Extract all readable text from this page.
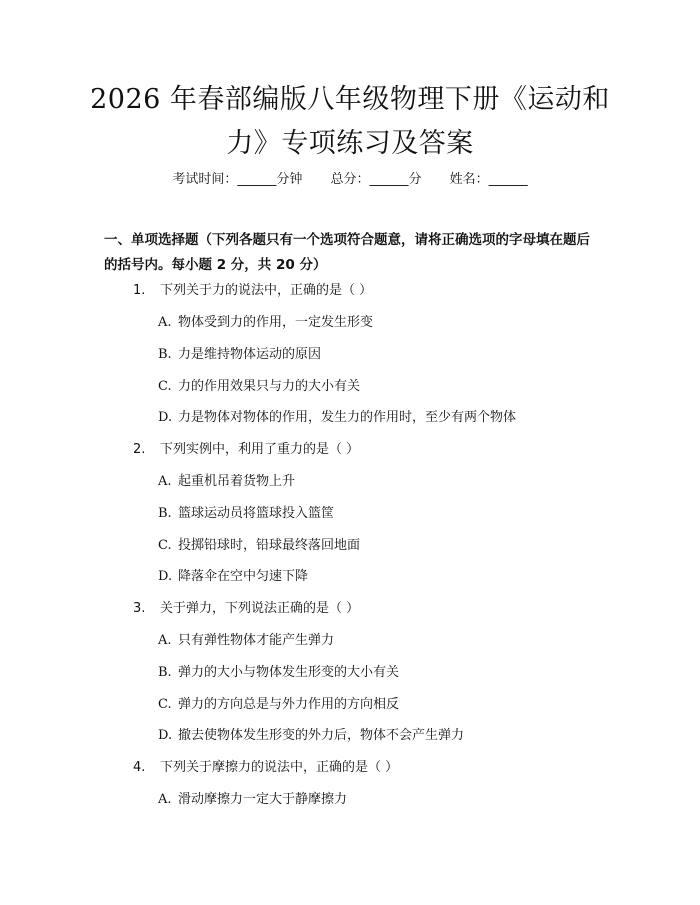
2026 年春部编版八年级物理下册《运动和
力》专项练习及答案
考试时间：______分钟 总分：______分 姓名：______
一、单项选择题（下列各题只有一个选项符合题意，请将正确选项的字母填在题后的括号内。每小题 2 分，共 20 分）
1. 下列关于力的说法中，正确的是（ ）
A. 物体受到力的作用，一定发生形变
B. 力是维持物体运动的原因
C. 力的作用效果只与力的大小有关
D. 力是物体对物体的作用，发生力的作用时，至少有两个物体
2. 下列实例中，利用了重力的是（ ）
A. 起重机吊着货物上升
B. 篮球运动员将篮球投入篮筐
C. 投掷铅球时，铅球最终落回地面
D. 降落伞在空中匀速下降
3. 关于弹力，下列说法正确的是（ ）
A. 只有弹性物体才能产生弹力
B. 弹力的大小与物体发生形变的大小有关
C. 弹力的方向总是与外力作用的方向相反
D. 撤去使物体发生形变的外力后，物体不会产生弹力
4. 下列关于摩擦力的说法中，正确的是（ ）
A. 滑动摩擦力一定大于静摩擦力
